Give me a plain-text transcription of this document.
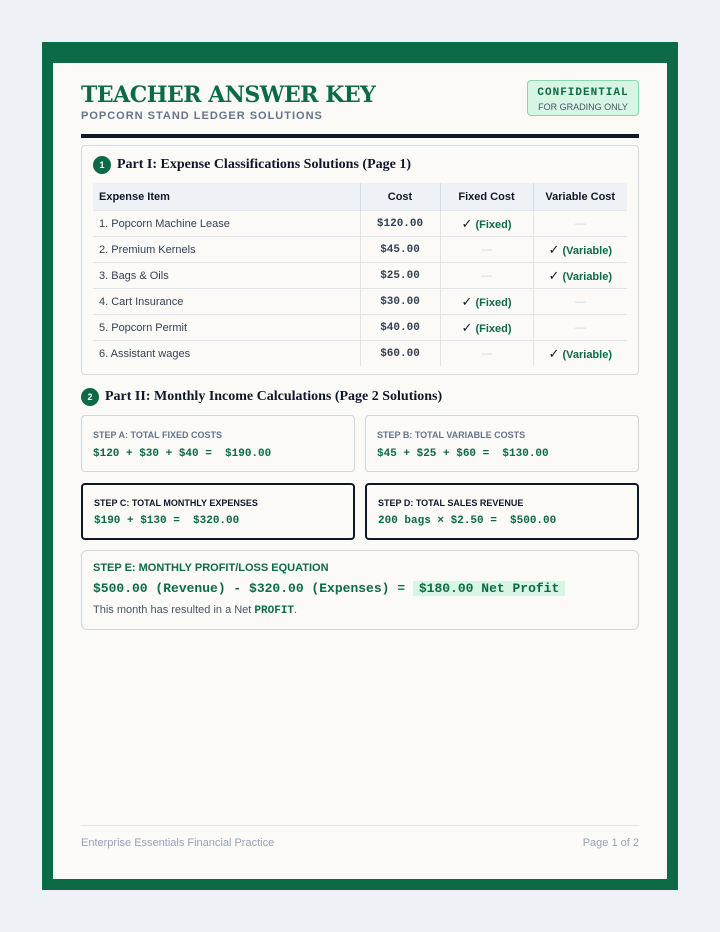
TEACHER ANSWER KEY
POPCORN STAND LEDGER SOLUTIONS
CONFIDENTIAL
FOR GRADING ONLY
1 Part I: Expense Classifications Solutions (Page 1)
Expense Item	Cost	Fixed Cost	Variable Cost
1. Popcorn Machine Lease	$120.00	✓ (Fixed)	—
2. Premium Kernels	$45.00	—	✓ (Variable)
3. Bags & Oils	$25.00	—	✓ (Variable)
4. Cart Insurance	$30.00	✓ (Fixed)	—
5. Popcorn Permit	$40.00	✓ (Fixed)	—
6. Assistant wages	$60.00	—	✓ (Variable)
2 Part II: Monthly Income Calculations (Page 2 Solutions)
STEP A: TOTAL FIXED COSTS
$120 + $30 + $40 =  $190.00
STEP B: TOTAL VARIABLE COSTS
$45 + $25 + $60 =  $130.00
STEP C: TOTAL MONTHLY EXPENSES
$190 + $130 =  $320.00
STEP D: TOTAL SALES REVENUE
200 bags × $2.50 =  $500.00
STEP E: MONTHLY PROFIT/LOSS EQUATION
$500.00 (Revenue) - $320.00 (Expenses) = $180.00 Net Profit
This month has resulted in a Net PROFIT.
Enterprise Essentials Financial Practice	Page 1 of 2
